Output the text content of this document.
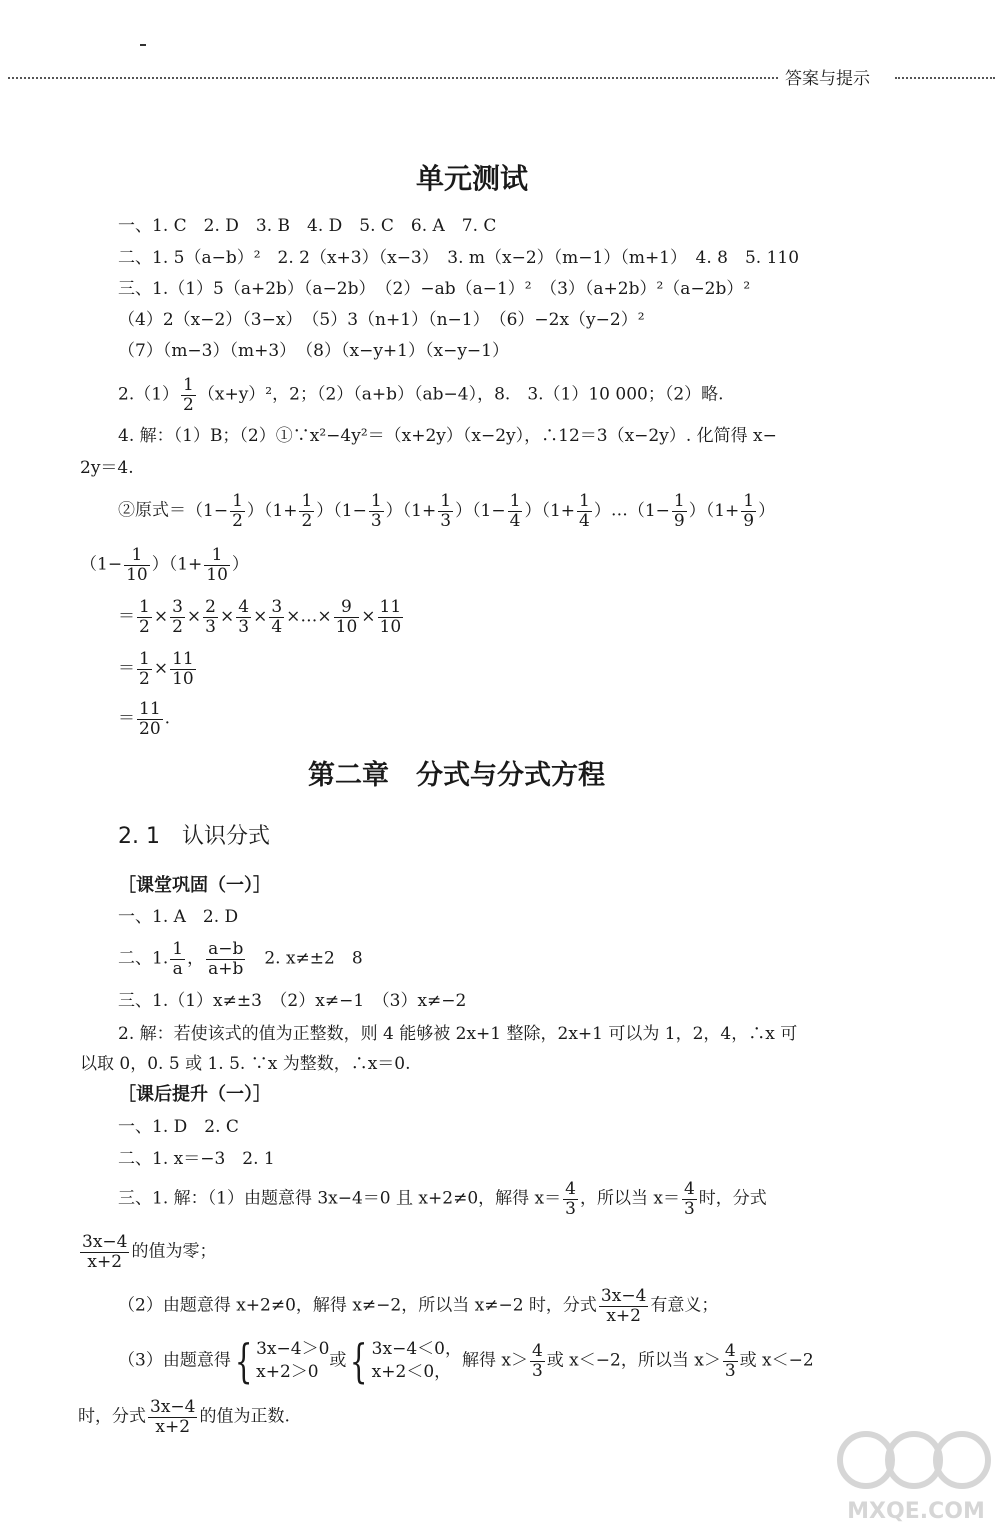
答案与提示
单元测试
一、1. C　2. D　3. B　4. D　5. C　6. A　7. C
二、1. 5（a−b）²　2. 2（x+3）（x−3）　3. m（x−2）（m−1）（m+1）　4. 8　5. 110
三、1.（1）5（a+2b）（a−2b）　（2）−ab（a−1）²　（3）（a+2b）²（a−2b）²
（4）2（x−2）（3−x）　（5）3（n+1）（n−1）　（6）−2x（y−2）²
（7）（m−3）（m+3）　（8）（x−y+1）（x−y−1）
$2.(1) \frac{1}{2} (x+y)^2$，2；（2）（a+b）（ab−4），8.　3.（1）10 000；（2）略.
4. 解：（1）B；（2）①∵x²−4y²＝（x+2y）（x−2y），∴12＝3（x−2y）. 化简得 x−
2y＝4.
②原式$=(1- \frac{1}{2} )(1+ \frac{1}{2} )(1- \frac{1}{3} )(1+ \frac{1}{3} )(1- \frac{1}{4} )(1+ \frac{1}{4}$ ）…（1− $\frac{1}{9} )(1+ \frac{1}{9}$ ）
$(1- \frac{1}{10} )(1+ \frac{1}{10}$ ）
＝ $\frac{1}{2} \times \frac{3}{2} \times \frac{2}{3} \times \frac{4}{3} \times \frac{3}{4}$ ×…× $\frac{9}{10} \times \frac{11}{10}$
＝ $\frac{1}{2} \times \frac{11}{10}$
＝ $\frac{11}{20}$ .
第二章　分式与分式方程
2. 1　认识分式
［课堂巩固（一）］
一、1. A　2. D
二、1. $\frac{1}{a}$ ， $\frac{a-b}{a+b}$ 　2. x≠±2　8
三、1.（1）x≠±3　（2）x≠−1　（3）x≠−2
2. 解：若使该式的值为正整数，则 4 能够被 2x+1 整除，2x+1 可以为 1，2，4，∴x 可
以取 0，0. 5 或 1. 5. ∵x 为整数，∴x＝0.
［课后提升（一）］
一、1. D　2. C
二、1. x＝−3　2. 1
三、1. 解：（1）由题意得 3x−4＝0 且 x+2≠0，解得 $x= \frac{4}{3}$ ，所以当 $x= \frac{4}{3}$ 时，分式
$\frac{3x-4}{x+2}$ 的值为零；
（2）由题意得 x+2≠0，解得 x≠−2，所以当 x≠−2 时，分式 $\frac{3x-4}{x+2}$ 有意义；
（3）由题意得{ 3x−4＞0
x+2＞0或{ 3x−4＜0，
x+2＜0，解得 $x> \frac{4}{3}$ 或 x＜−2，所以当 $x> \frac{4}{3}$ 或 x＜−2
时，分式 $\frac{3x-4}{x+2}$ 的值为正数.
MXQE.COM
